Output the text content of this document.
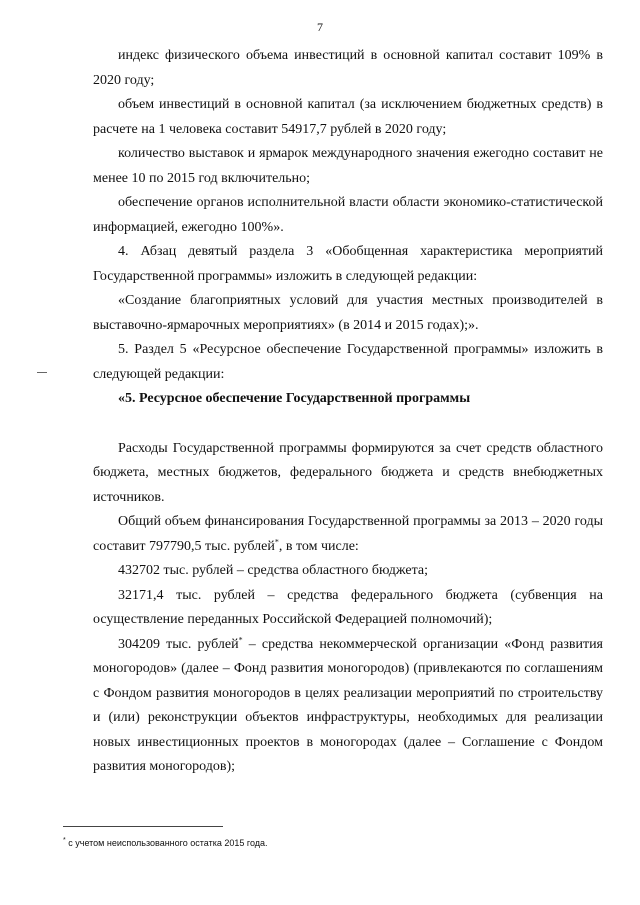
7

индекс физического объема инвестиций в основной капитал составит 109% в 2020 году;

объем инвестиций в основной капитал (за исключением бюджетных средств) в расчете на 1 человека составит 54917,7 рублей в 2020 году;

количество выставок и ярмарок международного значения ежегодно составит не менее 10 по 2015 год включительно;

обеспечение органов исполнительной власти области экономико-статистической информацией, ежегодно 100%».

4. Абзац девятый раздела 3 «Обобщенная характеристика мероприятий Государственной программы» изложить в следующей редакции:

«Создание благоприятных условий для участия местных производителей в выставочно-ярмарочных мероприятиях» (в 2014 и 2015 годах);».

5. Раздел 5 «Ресурсное обеспечение Государственной программы» изложить в следующей редакции:

«5. Ресурсное обеспечение Государственной программы

Расходы Государственной программы формируются за счет средств областного бюджета, местных бюджетов, федерального бюджета и средств внебюджетных источников.

Общий объем финансирования Государственной программы за 2013 – 2020 годы составит 797790,5 тыс. рублей*, в том числе:

432702 тыс. рублей – средства областного бюджета;

32171,4 тыс. рублей – средства федерального бюджета (субвенция на осуществление переданных Российской Федерацией полномочий);

304209 тыс. рублей* – средства некоммерческой организации «Фонд развития моногородов» (далее – Фонд развития моногородов) (привлекаются по соглашениям с Фондом развития моногородов в целях реализации мероприятий по строительству и (или) реконструкции объектов инфраструктуры, необходимых для реализации новых инвестиционных проектов в моногородах (далее – Соглашение с Фондом развития моногородов);

* с учетом неиспользованного остатка 2015 года.
